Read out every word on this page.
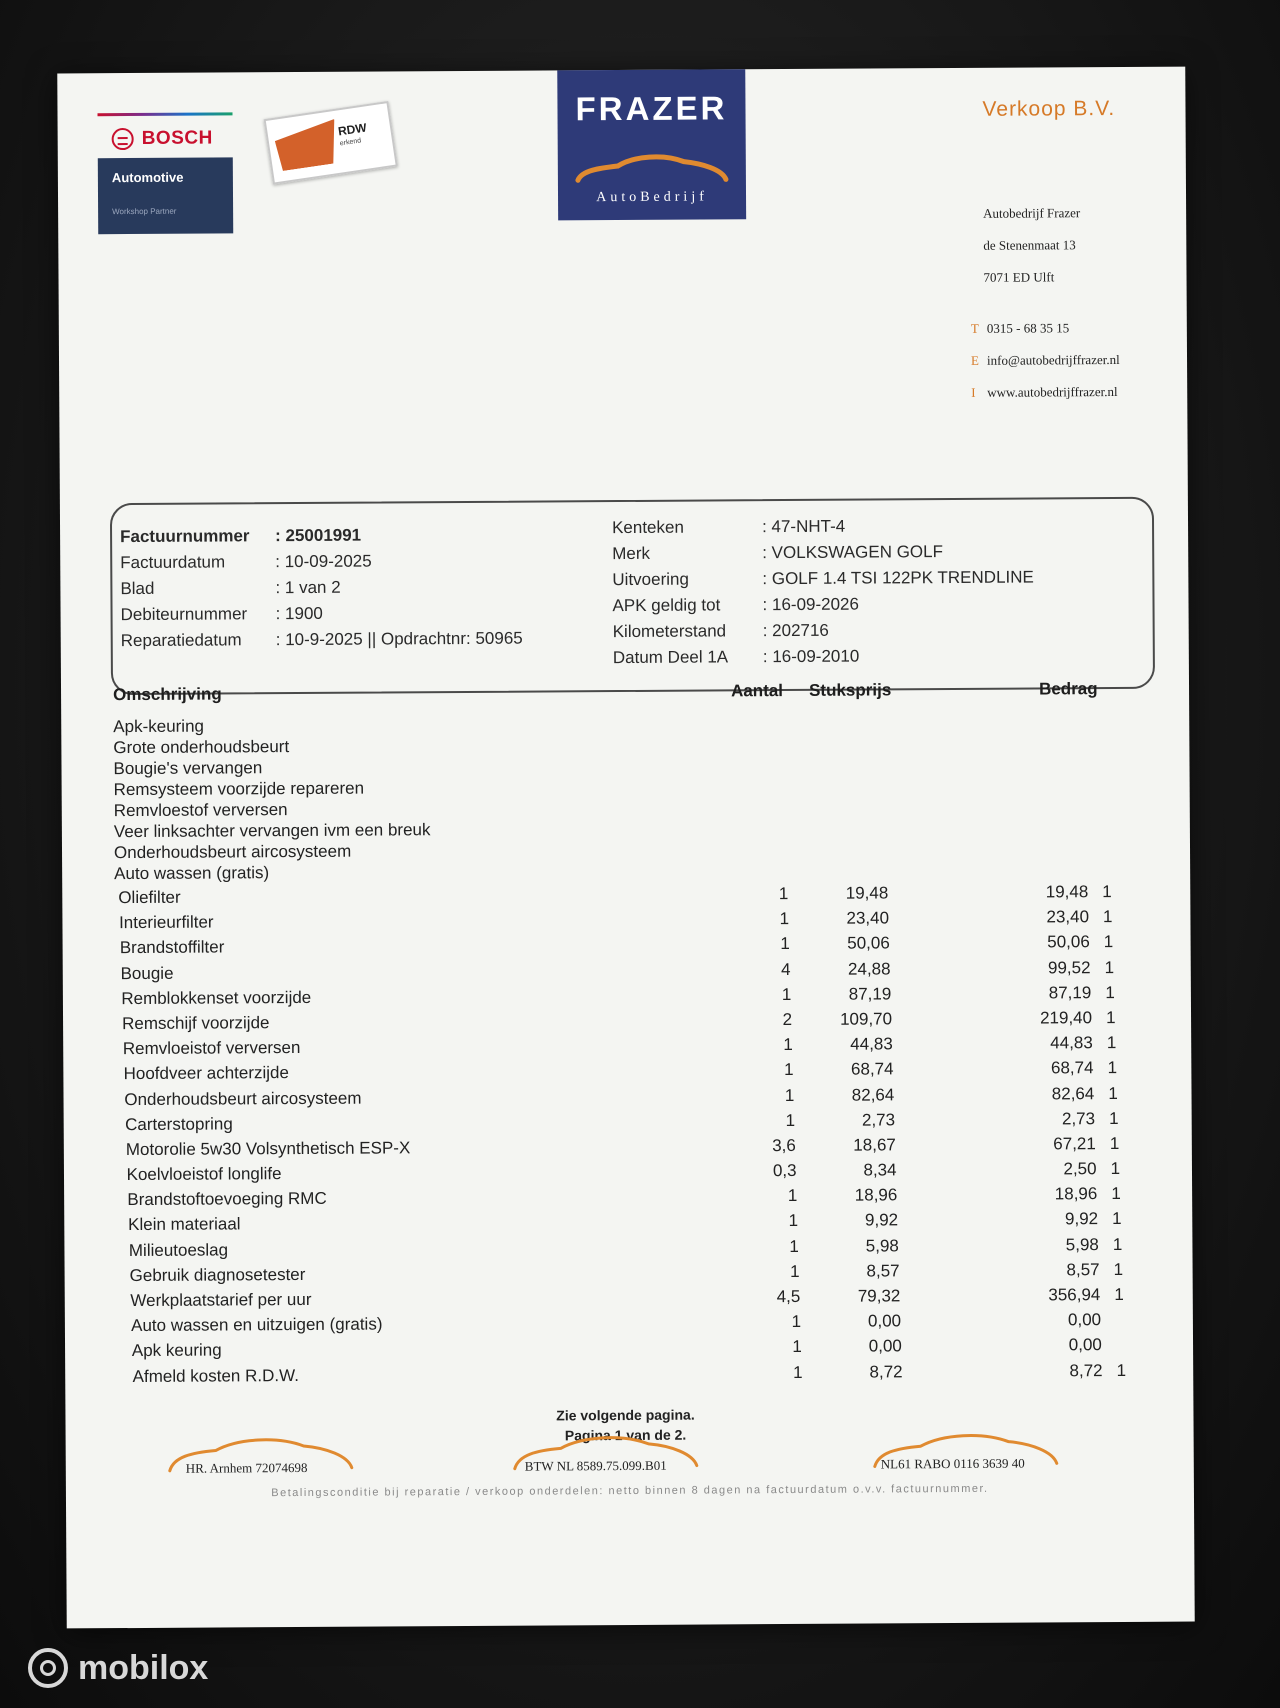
BOSCH
Automotive
Workshop Partner
RDW
erkend
FRAZER
AutoBedrijf
Verkoop B.V.
Autobedrijf Frazer
de Stenenmaat 13
7071 ED Ulft
T 0315 - 68 35 15
E info@autobedrijffrazer.nl
I www.autobedrijffrazer.nl
Factuurnummer	: 25001991
Factuurdatum	: 10-09-2025
Blad	: 1 van 2
Debiteurnummer	: 1900
Reparatiedatum	: 10-9-2025 || Opdrachtnr: 50965
Kenteken	: 47-NHT-4
Merk	: VOLKSWAGEN GOLF
Uitvoering	: GOLF 1.4 TSI 122PK TRENDLINE
APK geldig tot : 16-09-2026
Kilometerstand : 202716
Datum Deel 1A : 16-09-2010
Omschrijving	Aantal Stuksprijs	Bedrag
Apk-keuring
Grote onderhoudsbeurt
Bougie's vervangen
Remsysteem voorzijde repareren
Remvloestof verversen
Veer linksachter vervangen ivm een breuk
Onderhoudsbeurt aircosysteem
Auto wassen (gratis)
Oliefilter	1	19,48	19,48 1
Interieurfilter	1	23,40	23,40 1
Brandstoffilter	1	50,06	50,06 1
Bougie	4	24,88	99,52 1
Remblokkenset voorzijde	1	87,19	87,19 1
Remschijf voorzijde	2	109,70	219,40 1
Remvloeistof verversen	1	44,83	44,83 1
Hoofdveer achterzijde	1	68,74	68,74 1
Onderhoudsbeurt aircosysteem	1	82,64	82,64 1
Carterstopring	1	2,73	2,73 1
Motorolie 5w30 Volsynthetisch ESP-X	3,6	18,67	67,21 1
Koelvloeistof longlife	0,3	8,34	2,50 1
Brandstoftoevoeging RMC	1	18,96	18,96 1
Klein materiaal	1	9,92	9,92 1
Milieutoeslag	1	5,98	5,98 1
Gebruik diagnosetester	1	8,57	8,57 1
Werkplaatstarief per uur	4,5	79,32	356,94 1
Auto wassen en uitzuigen (gratis)	1	0,00	0,00
Apk keuring	1	0,00	0,00
Afmeld kosten R.D.W.	1	8,72	8,72 1
Zie volgende pagina.
Pagina 1 van de 2.
HR. Arnhem 72074698	BTW NL 8589.75.099.B01	NL61 RABO 0116 3639 40
Betalingsconditie bij reparatie / verkoop onderdelen: netto binnen 8 dagen na factuurdatum o.v.v. factuurnummer.
mobilox
